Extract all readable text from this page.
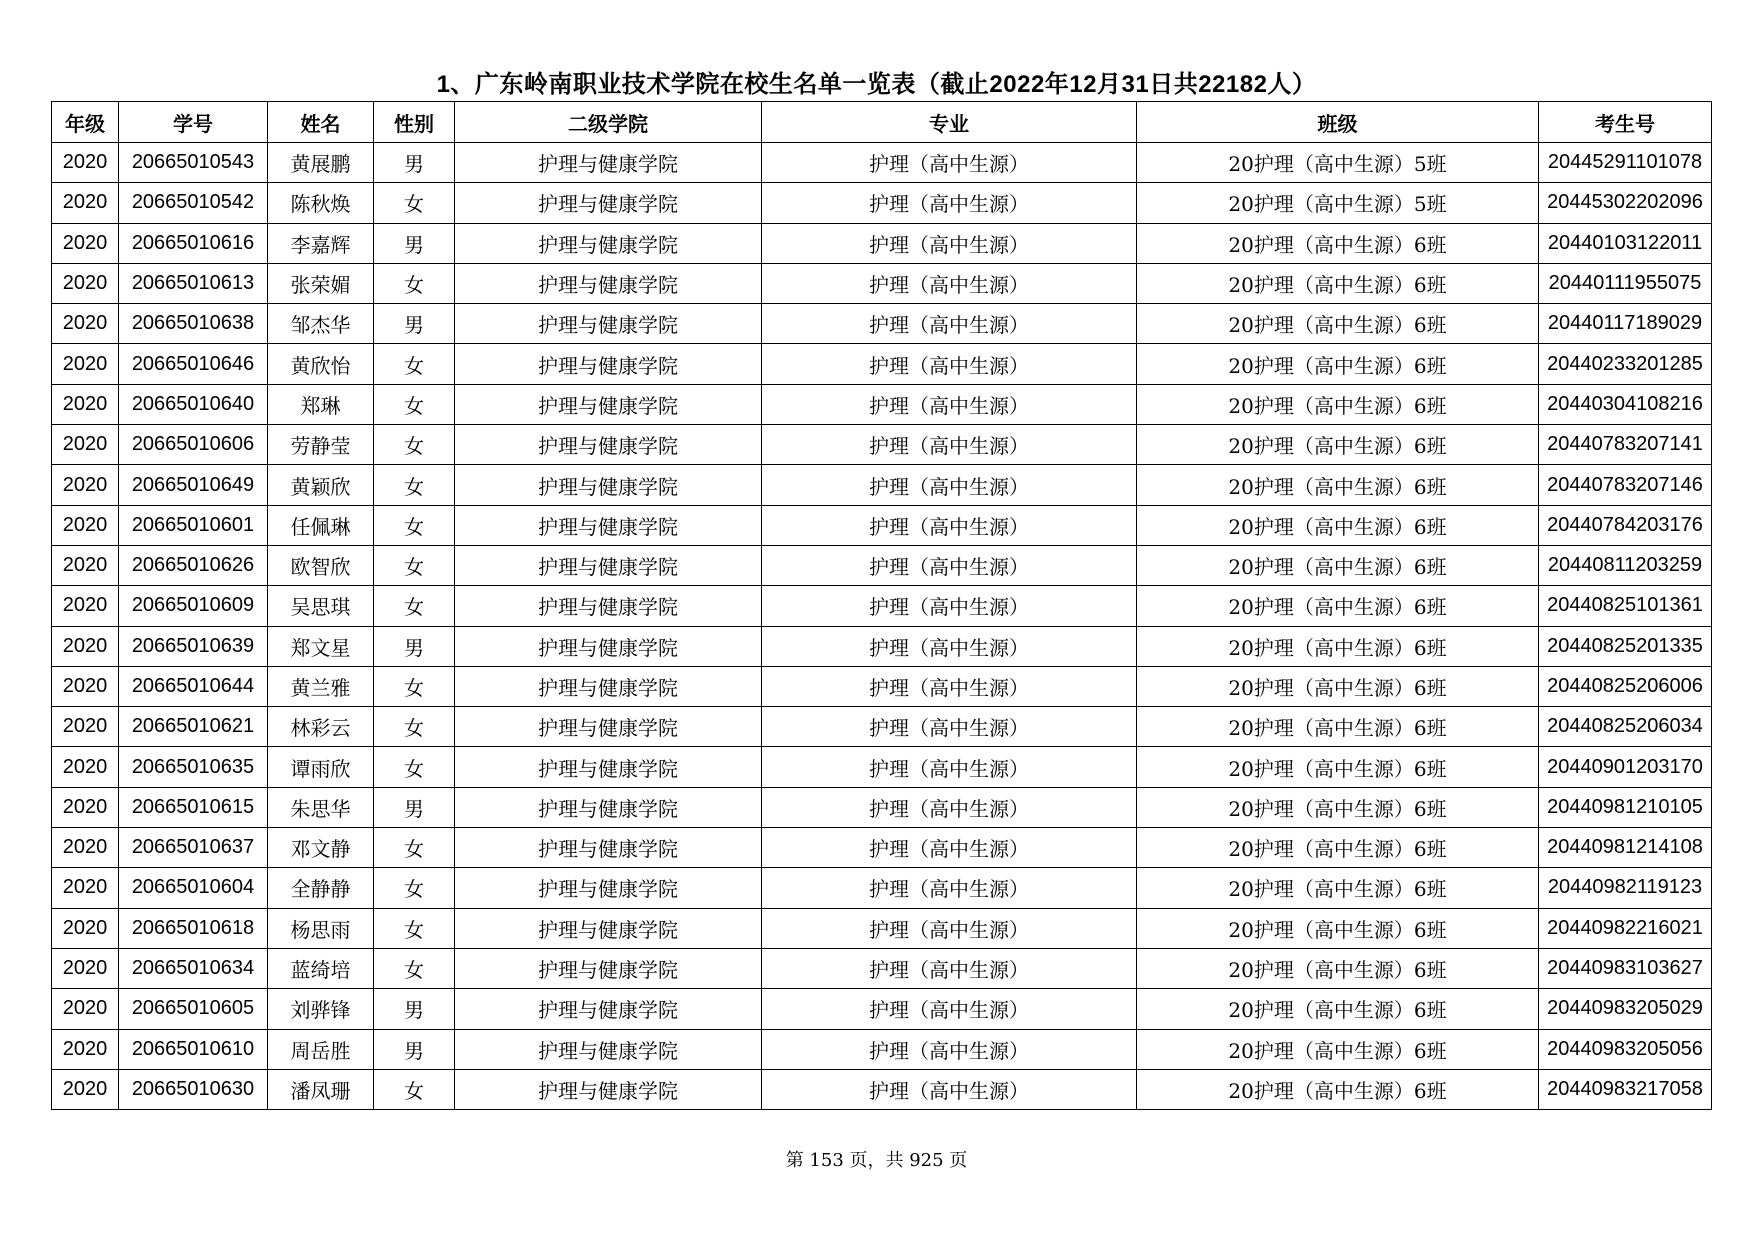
1、广东岭南职业技术学院在校生名单一览表（截止2022年12月31日共22182人）
年级	学号	姓名	性别	二级学院	专业	班级	考生号
2020	20665010543	黄展鹏	男	护理与健康学院	护理（高中生源）	20护理（高中生源）5班	20445291101078
2020	20665010542	陈秋焕	女	护理与健康学院	护理（高中生源）	20护理（高中生源）5班	20445302202096
2020	20665010616	李嘉辉	男	护理与健康学院	护理（高中生源）	20护理（高中生源）6班	20440103122011
2020	20665010613	张荣媚	女	护理与健康学院	护理（高中生源）	20护理（高中生源）6班	20440111955075
2020	20665010638	邹杰华	男	护理与健康学院	护理（高中生源）	20护理（高中生源）6班	20440117189029
2020	20665010646	黄欣怡	女	护理与健康学院	护理（高中生源）	20护理（高中生源）6班	20440233201285
2020	20665010640	郑琳	女	护理与健康学院	护理（高中生源）	20护理（高中生源）6班	20440304108216
2020	20665010606	劳静莹	女	护理与健康学院	护理（高中生源）	20护理（高中生源）6班	20440783207141
2020	20665010649	黄颖欣	女	护理与健康学院	护理（高中生源）	20护理（高中生源）6班	20440783207146
2020	20665010601	任佩琳	女	护理与健康学院	护理（高中生源）	20护理（高中生源）6班	20440784203176
2020	20665010626	欧智欣	女	护理与健康学院	护理（高中生源）	20护理（高中生源）6班	20440811203259
2020	20665010609	吴思琪	女	护理与健康学院	护理（高中生源）	20护理（高中生源）6班	20440825101361
2020	20665010639	郑文星	男	护理与健康学院	护理（高中生源）	20护理（高中生源）6班	20440825201335
2020	20665010644	黄兰雅	女	护理与健康学院	护理（高中生源）	20护理（高中生源）6班	20440825206006
2020	20665010621	林彩云	女	护理与健康学院	护理（高中生源）	20护理（高中生源）6班	20440825206034
2020	20665010635	谭雨欣	女	护理与健康学院	护理（高中生源）	20护理（高中生源）6班	20440901203170
2020	20665010615	朱思华	男	护理与健康学院	护理（高中生源）	20护理（高中生源）6班	20440981210105
2020	20665010637	邓文静	女	护理与健康学院	护理（高中生源）	20护理（高中生源）6班	20440981214108
2020	20665010604	全静静	女	护理与健康学院	护理（高中生源）	20护理（高中生源）6班	20440982119123
2020	20665010618	杨思雨	女	护理与健康学院	护理（高中生源）	20护理（高中生源）6班	20440982216021
2020	20665010634	蓝绮培	女	护理与健康学院	护理（高中生源）	20护理（高中生源）6班	20440983103627
2020	20665010605	刘骅锋	男	护理与健康学院	护理（高中生源）	20护理（高中生源）6班	20440983205029
2020	20665010610	周岳胜	男	护理与健康学院	护理（高中生源）	20护理（高中生源）6班	20440983205056
2020	20665010630	潘凤珊	女	护理与健康学院	护理（高中生源）	20护理（高中生源）6班	20440983217058
第 153 页，共 925 页
